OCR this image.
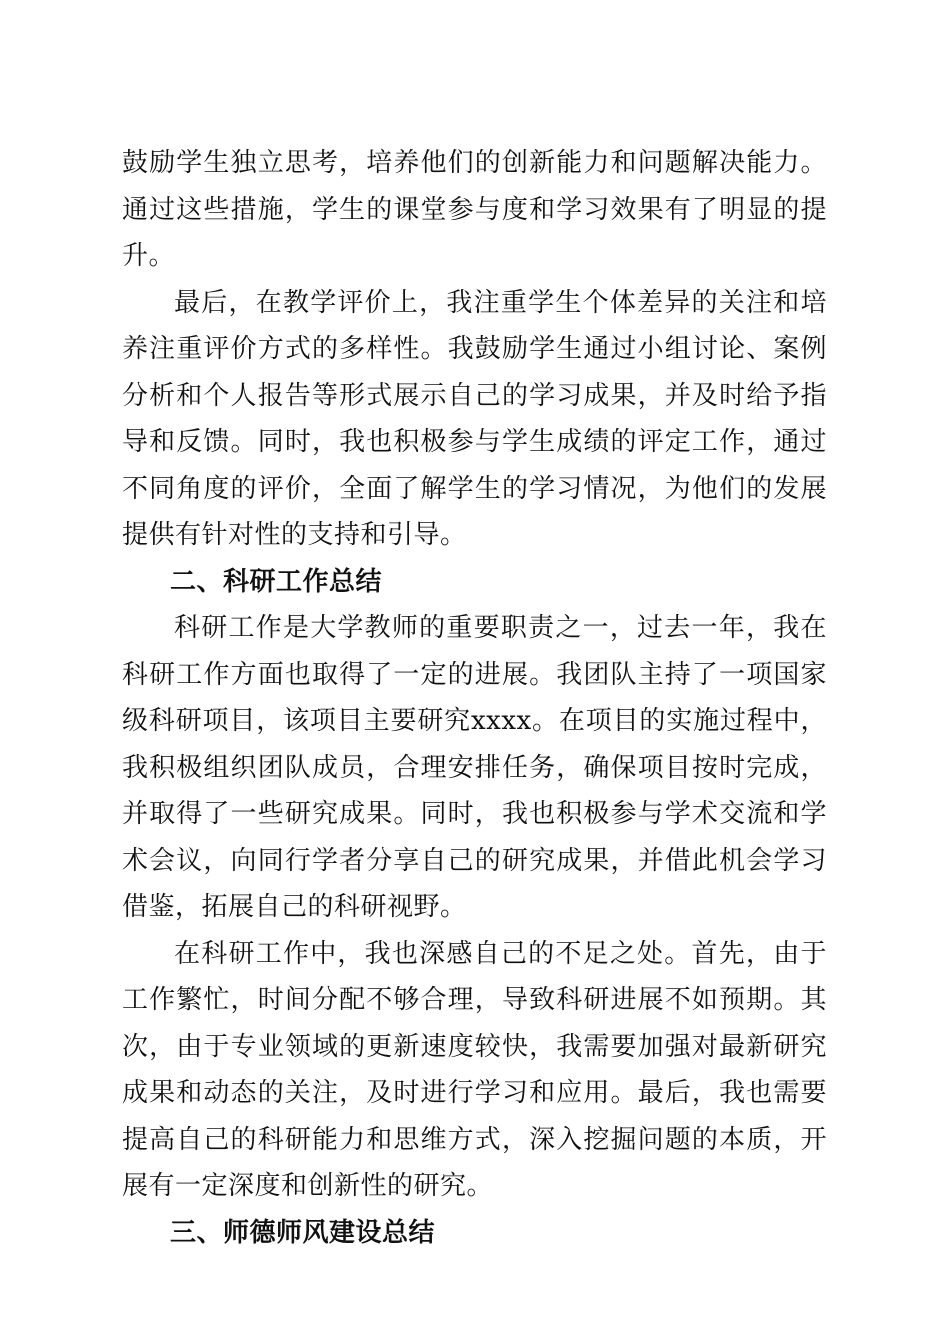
鼓励学生独立思考，培养他们的创新能力和问题解决能力。通过这些措施，学生的课堂参与度和学习效果有了明显的提升。

最后，在教学评价上，我注重学生个体差异的关注和培养注重评价方式的多样性。我鼓励学生通过小组讨论、案例分析和个人报告等形式展示自己的学习成果，并及时给予指导和反馈。同时，我也积极参与学生成绩的评定工作，通过不同角度的评价，全面了解学生的学习情况，为他们的发展提供有针对性的支持和引导。

二、科研工作总结

科研工作是大学教师的重要职责之一，过去一年，我在科研工作方面也取得了一定的进展。我团队主持了一项国家级科研项目，该项目主要研究xxxx。在项目的实施过程中，我积极组织团队成员，合理安排任务，确保项目按时完成，并取得了一些研究成果。同时，我也积极参与学术交流和学术会议，向同行学者分享自己的研究成果，并借此机会学习借鉴，拓展自己的科研视野。

在科研工作中，我也深感自己的不足之处。首先，由于工作繁忙，时间分配不够合理，导致科研进展不如预期。其次，由于专业领域的更新速度较快，我需要加强对最新研究成果和动态的关注，及时进行学习和应用。最后，我也需要提高自己的科研能力和思维方式，深入挖掘问题的本质，开展有一定深度和创新性的研究。

三、师德师风建设总结
